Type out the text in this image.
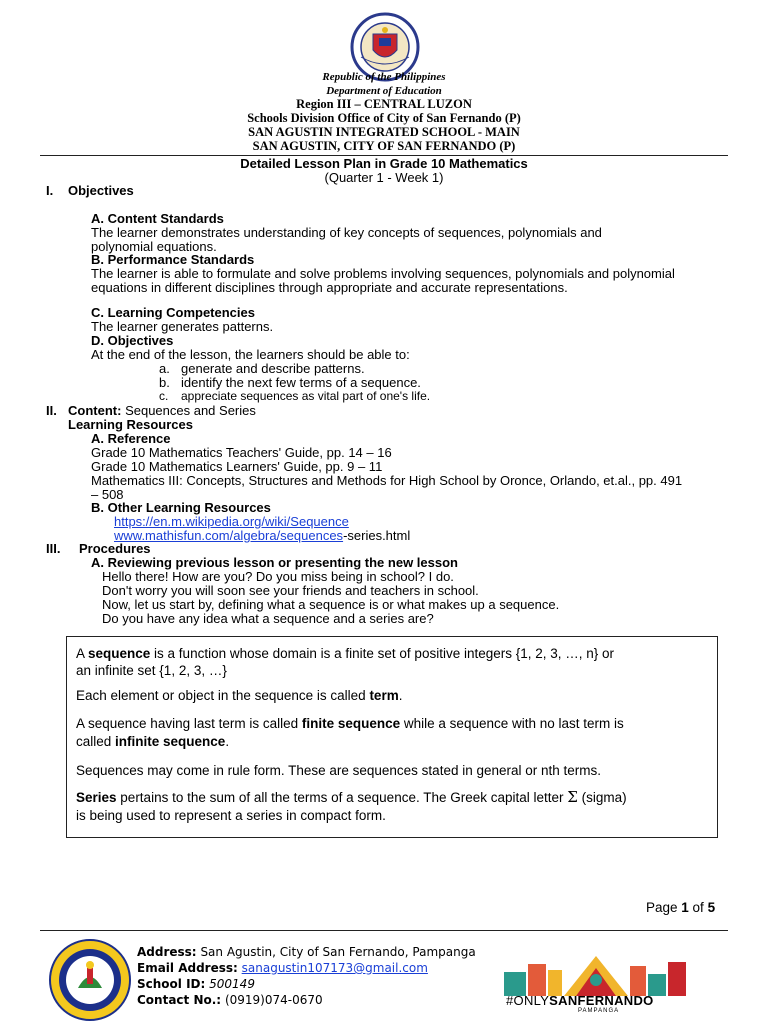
Republic of the Philippines
Department of Education
Region III – CENTRAL LUZON
Schools Division Office of City of San Fernando (P)
SAN AGUSTIN INTEGRATED SCHOOL - MAIN
SAN AGUSTIN, CITY OF SAN FERNANDO (P)
Detailed Lesson Plan in Grade 10 Mathematics
(Quarter 1 - Week 1)
I. Objectives
A. Content Standards
The learner demonstrates understanding of key concepts of sequences, polynomials and
polynomial equations.
B. Performance Standards
The learner is able to formulate and solve problems involving sequences, polynomials and polynomial
equations in different disciplines through appropriate and accurate representations.
C. Learning Competencies
The learner generates patterns.
D. Objectives
At the end of the lesson, the learners should be able to:
a. generate and describe patterns.
b. identify the next few terms of a sequence.
c. appreciate sequences as vital part of one's life.
II. Content: Sequences and Series
Learning Resources
A. Reference
Grade 10 Mathematics Teachers' Guide, pp. 14 – 16
Grade 10 Mathematics Learners' Guide, pp. 9 – 11
Mathematics III: Concepts, Structures and Methods for High School by Oronce, Orlando, et.al., pp. 491
– 508
B. Other Learning Resources
https://en.m.wikipedia.org/wiki/Sequence
www.mathisfun.com/algebra/sequences-series.html
III. Procedures
A. Reviewing previous lesson or presenting the new lesson
Hello there! How are you? Do you miss being in school? I do.
Don't worry you will soon see your friends and teachers in school.
Now, let us start by, defining what a sequence is or what makes up a sequence.
Do you have any idea what a sequence and a series are?

A sequence is a function whose domain is a finite set of positive integers {1, 2, 3, …, n} or

an infinite set {1, 2, 3, …}

Each element or object in the sequence is called term.

A sequence having last term is called finite sequence while a sequence with no last term is

called infinite sequence.

Sequences may come in rule form. These are sequences stated in general or nth terms.

Series pertains to the sum of all the terms of a sequence. The Greek capital letter Σ (sigma)

is being used to represent a series in compact form.

Page 1 of 5
Address: San Agustin, City of San Fernando, Pampanga
Email Address: sanagustin107173@gmail.com
School ID: 500149
Contact No.: (0919)074-0670	#ONLYSANFERNANDO
PAMPANGA
